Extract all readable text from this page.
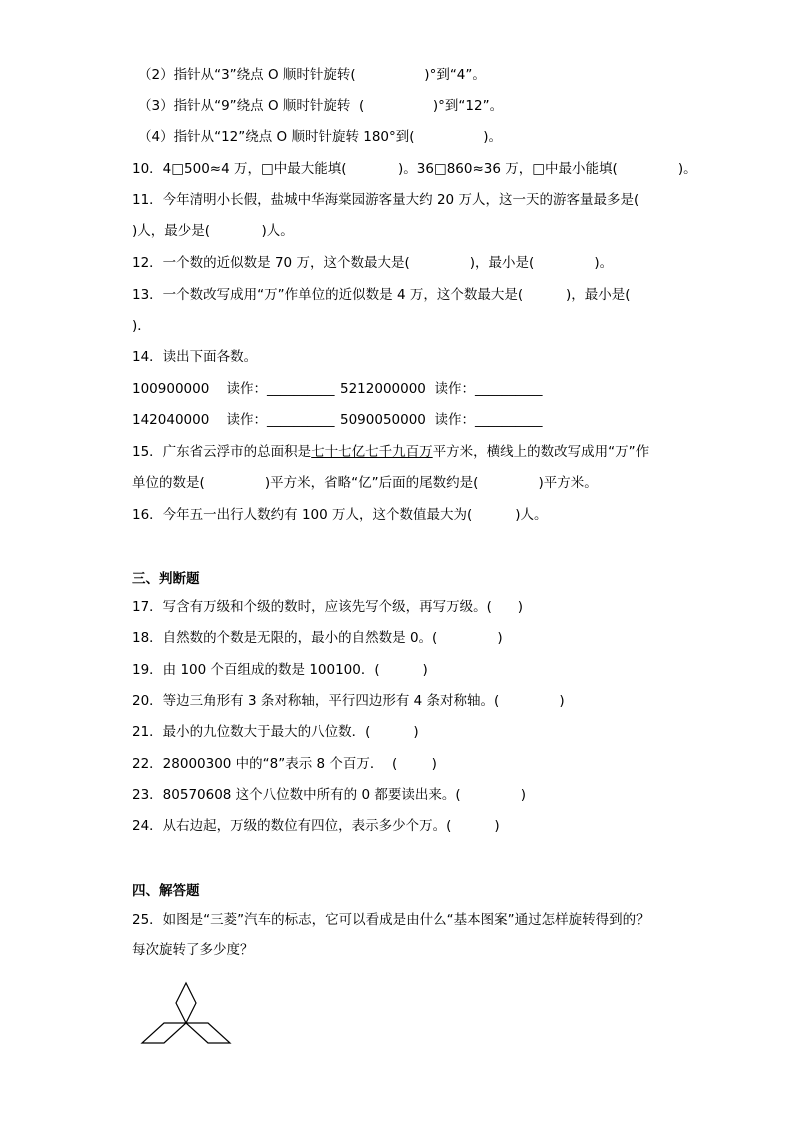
（2）指针从“3”绕点 O 顺时针旋转(                )°到“4”。
（3）指针从“9”绕点 O 顺时针旋转  (                )°到“12”。
（4）指针从“12”绕点 O 顺时针旋转 180°到(                )。
10．4□500≈4 万，□中最大能填(            )。36□860≈36 万，□中最小能填(              )。
11．今年清明小长假，盐城中华海棠园游客量大约 20 万人，这一天的游客量最多是(
)人，最少是(            )人。
12．一个数的近似数是 70 万，这个数最大是(              )，最小是(              )。
13．一个数改写成用“万”作单位的近似数是 4 万，这个数最大是(          )，最小是(
)．
14．读出下面各数。
100900000    读作：__________ 5212000000  读作：__________
142040000    读作：__________ 5090050000  读作：__________
15．广东省云浮市的总面积是七十七亿七千九百万平方米，横线上的数改写成用“万”作
单位的数是(              )平方米，省略“亿”后面的尾数约是(              )平方米。
16．今年五一出行人数约有 100 万人，这个数值最大为(          )人。
三、判断题
17．写含有万级和个级的数时，应该先写个级，再写万级。(      )
18．自然数的个数是无限的，最小的自然数是 0。(              )
19．由 100 个百组成的数是 100100．(          )
20．等边三角形有 3 条对称轴，平行四边形有 4 条对称轴。(              )
21．最小的九位数大于最大的八位数．(          )
22．28000300 中的“8”表示 8 个百万．  (        )
23．80570608 这个八位数中所有的 0 都要读出来。(              )
24．从右边起，万级的数位有四位，表示多少个万。(          )
四、解答题
25．如图是“三菱”汽车的标志，它可以看成是由什么“基本图案”通过怎样旋转得到的？
每次旋转了多少度？
